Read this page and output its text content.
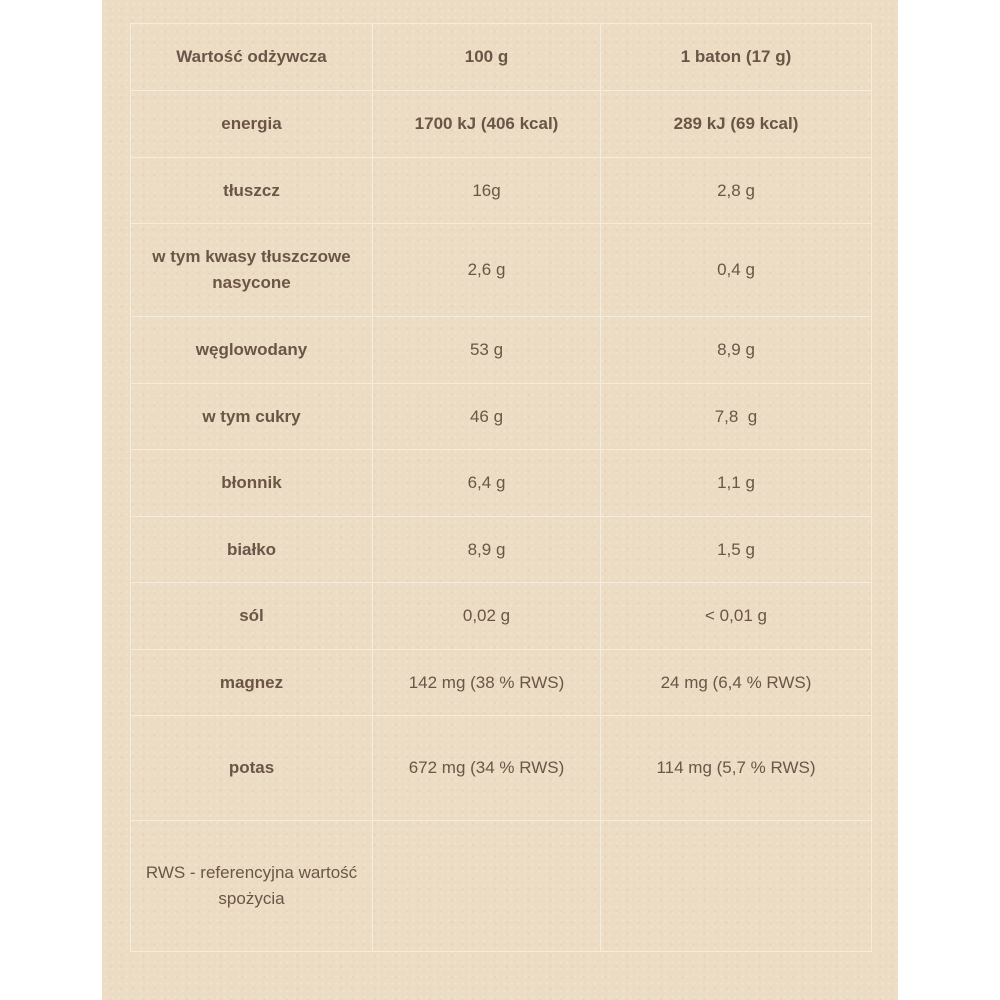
Wartość odżywcza	100 g	1 baton (17 g)
energia	1700 kJ (406 kcal)	289 kJ (69 kcal)
tłuszcz	16g	2,8 g
w tym kwasy tłuszczowe nasycone	2,6 g	0,4 g
węglowodany	53 g	8,9 g
w tym cukry	46 g	7,8  g
błonnik	6,4 g	1,1 g
białko	8,9 g	1,5 g
sól	0,02 g	< 0,01 g
magnez	142 mg (38 % RWS)	24 mg (6,4 % RWS)
potas	672 mg (34 % RWS)	114 mg (5,7 % RWS)
RWS - referencyjna wartość spożycia		
